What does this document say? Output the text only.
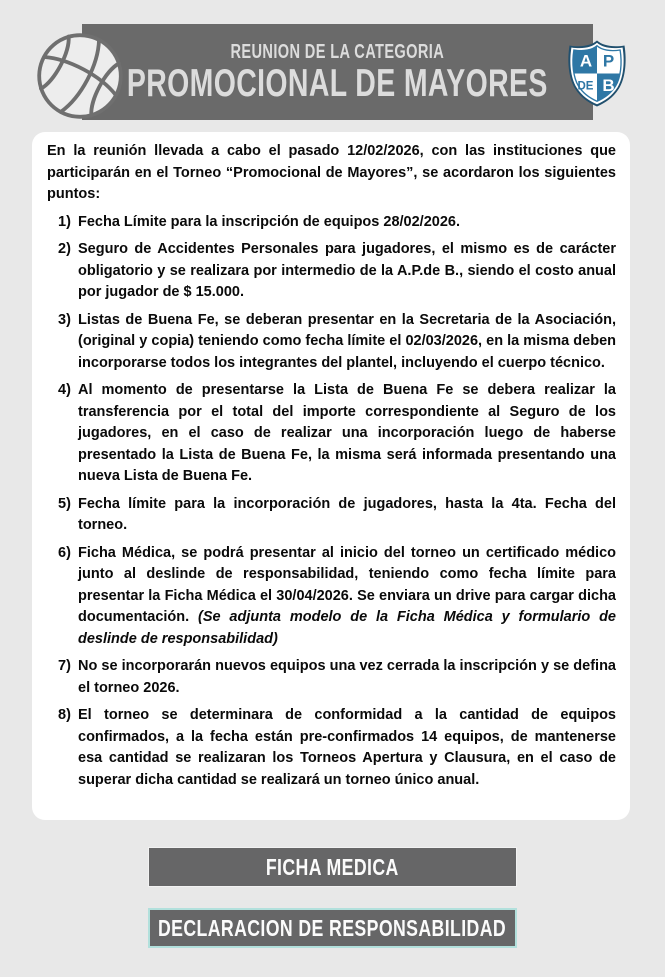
REUNION DE LA CATEGORIA
PROMOCIONAL DE MAYORES
A P
DE B

En la reunión llevada a cabo el pasado 12/02/2026, con las instituciones que participarán en el Torneo “Promocional de Mayores”, se acordaron los siguientes puntos:

1) Fecha Límite para la inscripción de equipos 28/02/2026.
2) Seguro de Accidentes Personales para jugadores, el mismo es de carácter obligatorio y se realizara por intermedio de la A.P.de B., siendo el costo anual por jugador de $ 15.000.
3) Listas de Buena Fe, se deberan presentar en la Secretaria de la Asociación, (original y copia) teniendo como fecha límite el 02/03/2026, en la misma deben incorporarse todos los integrantes del plantel, incluyendo el cuerpo técnico.
4) Al momento de presentarse la Lista de Buena Fe se debera realizar la transferencia por el total del importe correspondiente al Seguro de los jugadores, en el caso de realizar una incorporación luego de haberse presentado la Lista de Buena Fe, la misma será informada presentando una nueva Lista de Buena Fe.
5) Fecha límite para la incorporación de jugadores, hasta la 4ta. Fecha del torneo.
6) Ficha Médica, se podrá presentar al inicio del torneo un certificado médico junto al deslinde de responsabilidad, teniendo como fecha límite para presentar la Ficha Médica el 30/04/2026. Se enviara un drive para cargar dicha documentación. (Se adjunta modelo de la Ficha Médica y formulario de deslinde de responsabilidad)
7) No se incorporarán nuevos equipos una vez cerrada la inscripción y se defina el torneo 2026.
8) El torneo se determinara de conformidad a la cantidad de equipos confirmados, a la fecha están pre-confirmados 14 equipos, de mantenerse esa cantidad se realizaran los Torneos Apertura y Clausura, en el caso de superar dicha cantidad se realizará un torneo único anual.
FICHA MEDICA
DECLARACION DE RESPONSABILIDAD
